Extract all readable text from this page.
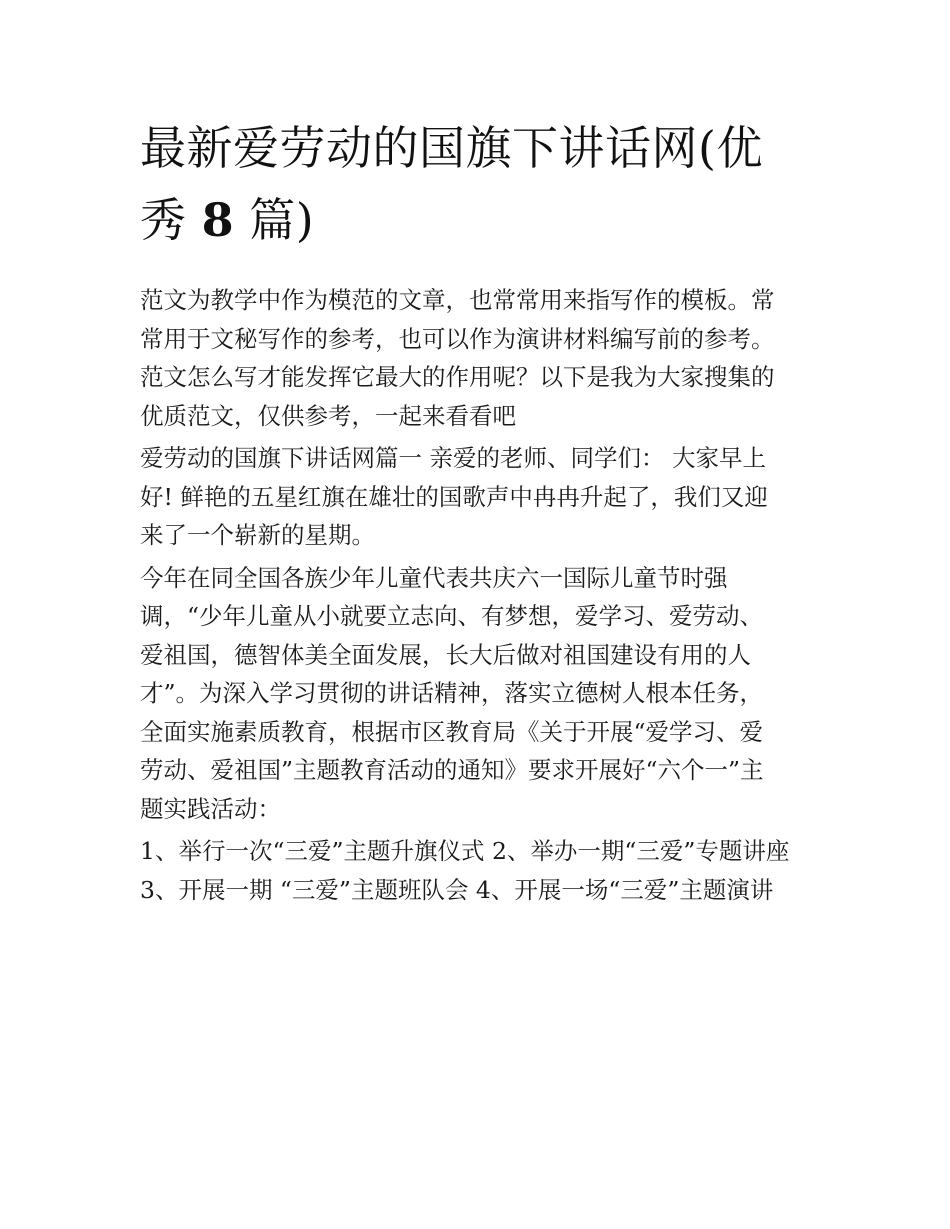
最新爱劳动的国旗下讲话网(优
秀 8 篇)

范文为教学中作为模范的文章，也常常用来指写作的模板。常
常用于文秘写作的参考，也可以作为演讲材料编写前的参考。
范文怎么写才能发挥它最大的作用呢？以下是我为大家搜集的
优质范文，仅供参考，一起来看看吧

爱劳动的国旗下讲话网篇一 亲爱的老师、同学们： 大家早上
好! 鲜艳的五星红旗在雄壮的国歌声中冉冉升起了，我们又迎
来了一个崭新的星期。

今年在同全国各族少年儿童代表共庆六一国际儿童节时强
调，“少年儿童从小就要立志向、有梦想，爱学习、爱劳动、
爱祖国，德智体美全面发展，长大后做对祖国建设有用的人
才”。为深入学习贯彻的讲话精神，落实立德树人根本任务，
全面实施素质教育，根据市区教育局《关于开展“爱学习、爱
劳动、爱祖国”主题教育活动的通知》要求开展好“六个一”主
题实践活动：

1、举行一次“三爱”主题升旗仪式 2、举办一期“三爱”专题讲座
3、开展一期 “三爱”主题班队会 4、开展一场“三爱”主题演讲
